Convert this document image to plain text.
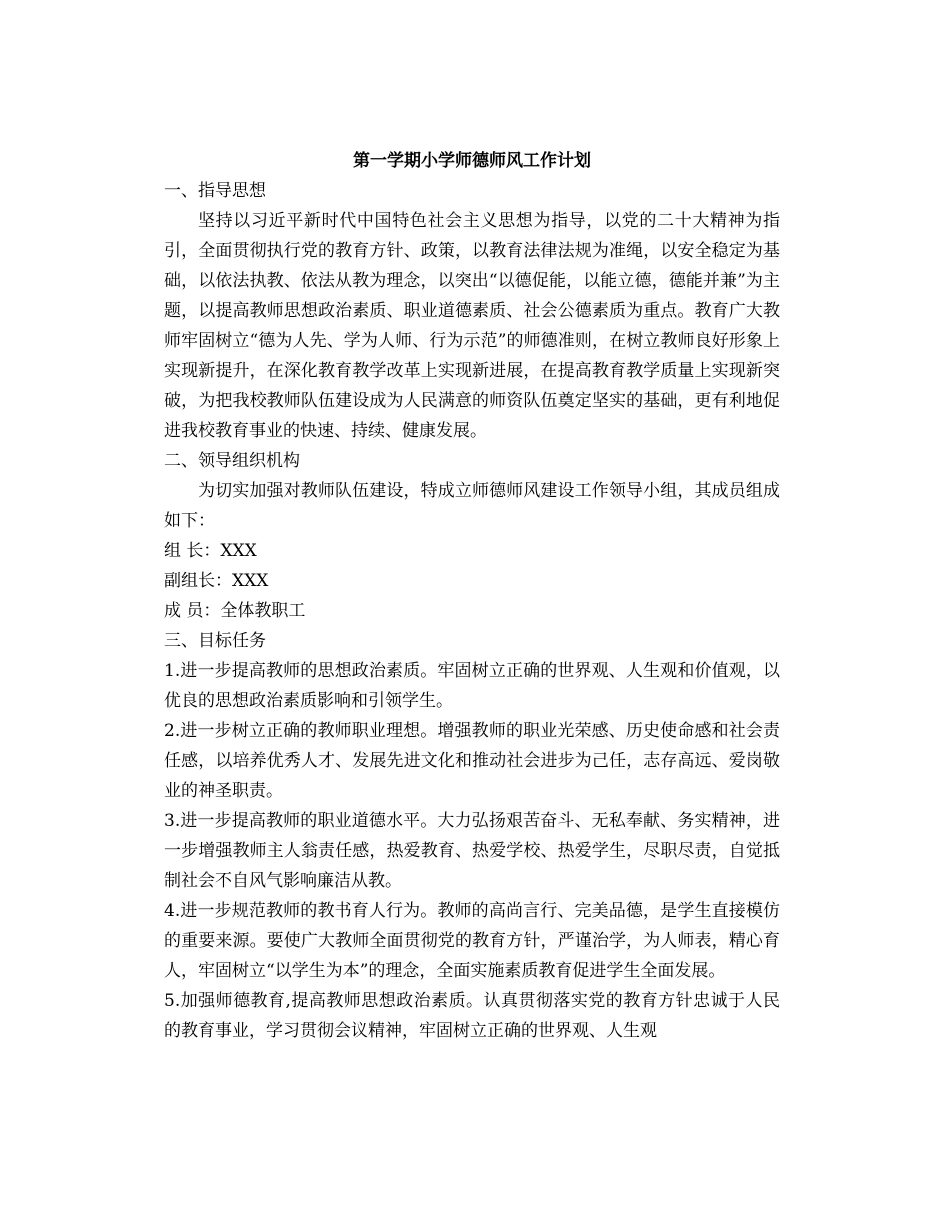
第一学期小学师德师风工作计划

一、指导思想

坚持以习近平新时代中国特色社会主义思想为指导，以党的二十大精神为指引，全面贯彻执行党的教育方针、政策，以教育法律法规为准绳，以安全稳定为基础，以依法执教、依法从教为理念，以突出“以德促能，以能立德，德能并兼”为主题，以提高教师思想政治素质、职业道德素质、社会公德素质为重点。教育广大教师牢固树立“德为人先、学为人师、行为示范”的师德准则，在树立教师良好形象上实现新提升，在深化教育教学改革上实现新进展，在提高教育教学质量上实现新突破，为把我校教师队伍建设成为人民满意的师资队伍奠定坚实的基础，更有利地促进我校教育事业的快速、持续、健康发展。

二、领导组织机构

为切实加强对教师队伍建设，特成立师德师风建设工作领导小组，其成员组成如下：

组 长：XXX

副组长：XXX

成 员：全体教职工

三、目标任务

1.进一步提高教师的思想政治素质。牢固树立正确的世界观、人生观和价值观，以优良的思想政治素质影响和引领学生。

2.进一步树立正确的教师职业理想。增强教师的职业光荣感、历史使命感和社会责任感，以培养优秀人才、发展先进文化和推动社会进步为己任，志存高远、爱岗敬业的神圣职责。

3.进一步提高教师的职业道德水平。大力弘扬艰苦奋斗、无私奉献、务实精神，进一步增强教师主人翁责任感，热爱教育、热爱学校、热爱学生，尽职尽责，自觉抵制社会不自风气影响廉洁从教。

4.进一步规范教师的教书育人行为。教师的高尚言行、完美品德，是学生直接模仿的重要来源。要使广大教师全面贯彻党的教育方针，严谨治学，为人师表，精心育人，牢固树立“以学生为本”的理念，全面实施素质教育促进学生全面发展。

5.加强师德教育,提高教师思想政治素质。认真贯彻落实党的教育方针忠诚于人民的教育事业，学习贯彻会议精神，牢固树立正确的世界观、人生观
